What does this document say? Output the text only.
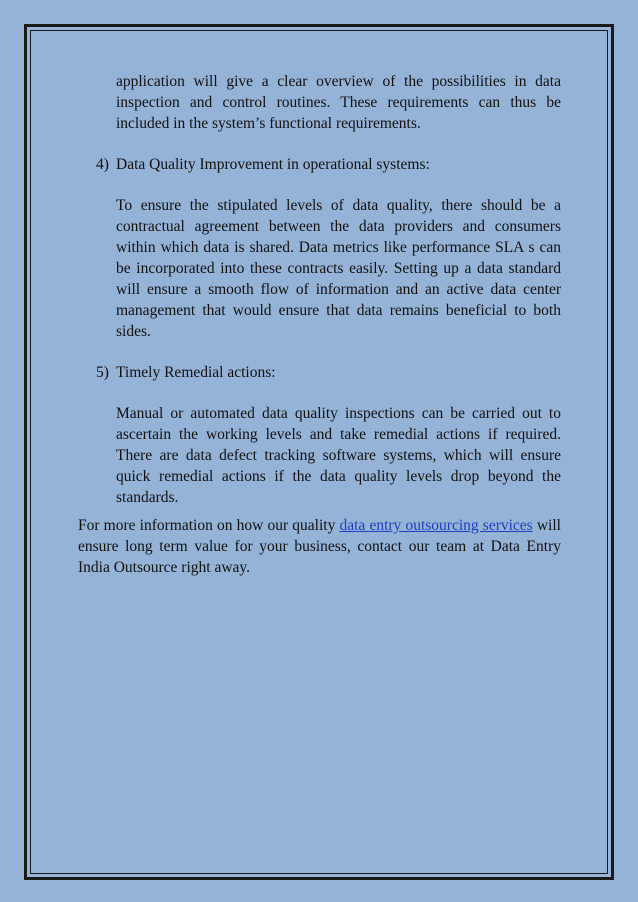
application will give a clear overview of the possibilities in data inspection and control routines. These requirements can thus be included in the system’s functional requirements.

4) Data Quality Improvement in operational systems:

To ensure the stipulated levels of data quality, there should be a contractual agreement between the data providers and consumers within which data is shared. Data metrics like performance SLA s can be incorporated into these contracts easily. Setting up a data standard will ensure a smooth flow of information and an active data center management that would ensure that data remains beneficial to both sides.

5) Timely Remedial actions:

Manual or automated data quality inspections can be carried out to ascertain the working levels and take remedial actions if required. There are data defect tracking software systems, which will ensure quick remedial actions if the data quality levels drop beyond the standards.

For more information on how our quality data entry outsourcing services will ensure long term value for your business, contact our team at Data Entry India Outsource right away.
